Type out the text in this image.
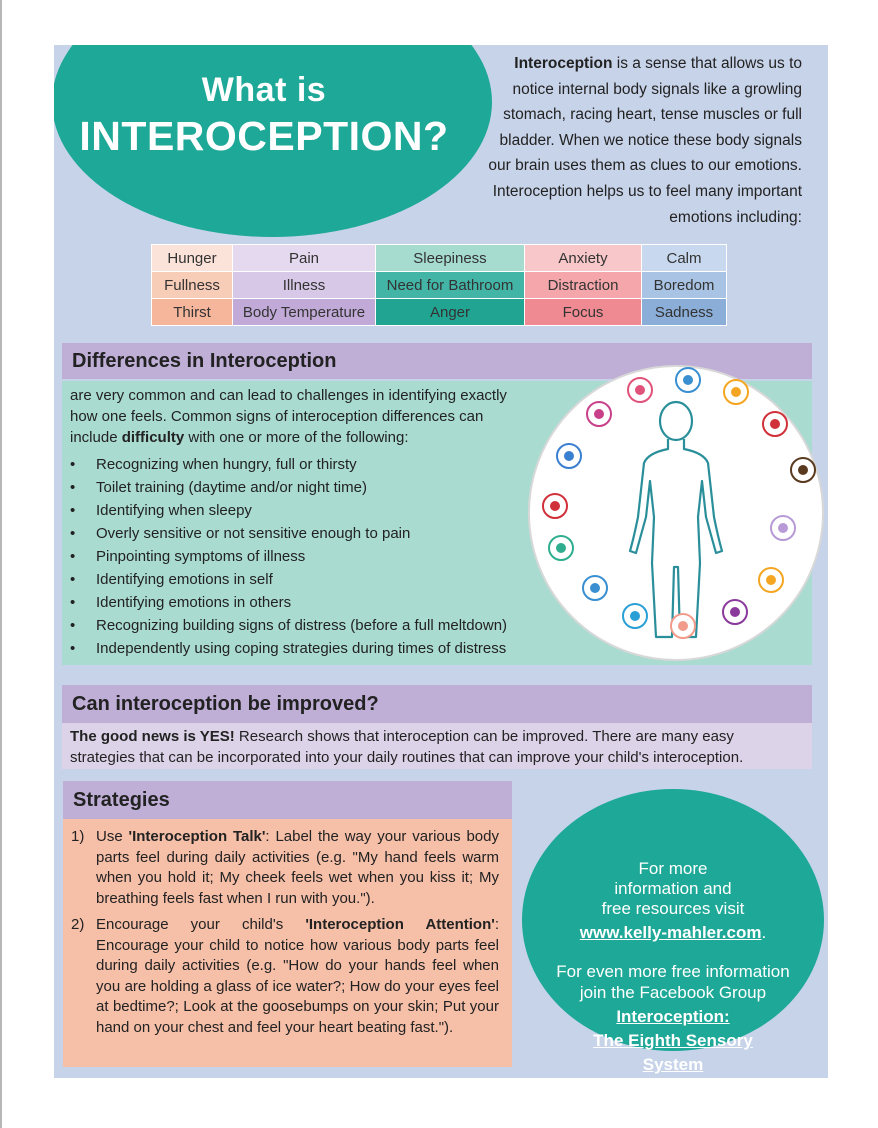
What is
INTEROCEPTION?
Interoception is a sense that allows us to
notice internal body signals like a growling
stomach, racing heart, tense muscles or full
bladder. When we notice these body signals
our brain uses them as clues to our emotions.
Interoception helps us to feel many important
emotions including:
Hunger	Pain	Sleepiness	Anxiety	Calm
Fullness	Illness	Need for Bathroom	Distraction	Boredom
Thirst	Body Temperature	Anger	Focus	Sadness
Differences in Interoception
are very common and can lead to challenges in identifying exactly
how one feels. Common signs of interoception differences can
include difficulty with one or more of the following:
• Recognizing when hungry, full or thirsty
• Toilet training (daytime and/or night time)
• Identifying when sleepy
• Overly sensitive or not sensitive enough to pain
• Pinpointing symptoms of illness
• Identifying emotions in self
• Identifying emotions in others
• Recognizing building signs of distress (before a full meltdown)
• Independently using coping strategies during times of distress
Can interoception be improved?
The good news is YES! Research shows that interoception can be improved. There are many easy
strategies that can be incorporated into your daily routines that can improve your child's interoception.
Strategies
1) Use 'Interoception Talk': Label the way your various body parts feel during daily activities (e.g. "My hand feels warm when you hold it; My cheek feels wet when you kiss it; My breathing feels fast when I run with you.").
2) Encourage your child's 'Interoception Attention': Encourage your child to notice how various body parts feel during daily activities (e.g. "How do your hands feel when you are holding a glass of ice water?; How do your eyes feel at bedtime?; Look at the goosebumps on your skin; Put your hand on your chest and feel your heart beating fast.").
For more
information and
free resources visit
www.kelly-mahler.com.
For even more free information
join the Facebook Group
Interoception:
The Eighth Sensory
System
